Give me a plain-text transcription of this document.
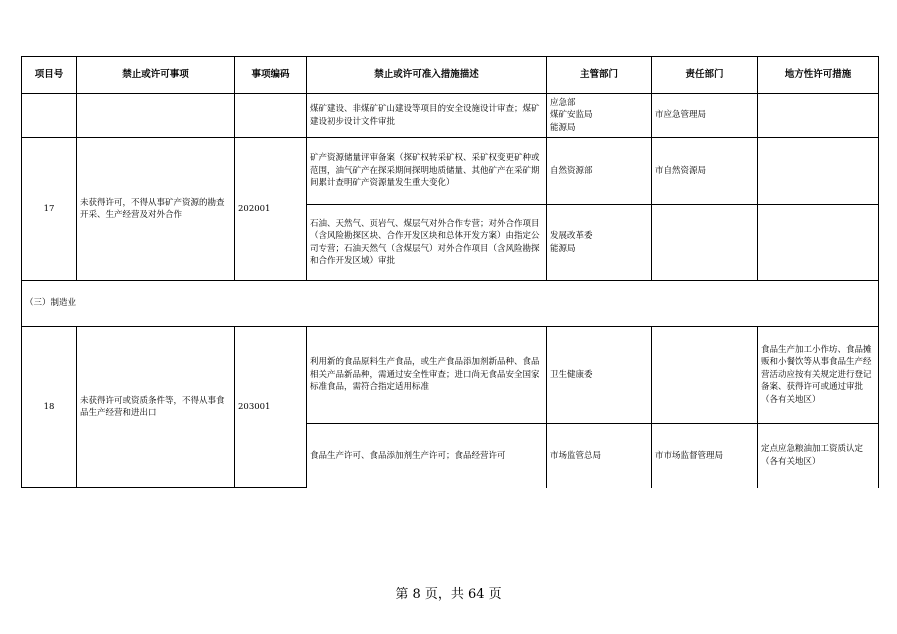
项目号	禁止或许可事项	事项编码	禁止或许可准入措施描述	主管部门	责任部门	地方性许可措施
			煤矿建设、非煤矿矿山建设等项目的安全设施设计审查；煤矿建设初步设计文件审批	应急部
煤矿安监局
能源局	市应急管理局	
17	未获得许可，不得从事矿产资源的勘查开采、生产经营及对外合作	202001	矿产资源储量评审备案（探矿权转采矿权、采矿权变更矿种或范围，油气矿产在探采期间探明地质储量、其他矿产在采矿期间累计查明矿产资源量发生重大变化）	自然资源部	市自然资源局	
			石油、天然气、页岩气、煤层气对外合作专营；对外合作项目（含风险勘探区块、合作开发区块和总体开发方案）由指定公司专营；石油天然气（含煤层气）对外合作项目（含风险勘探和合作开发区域）审批	发展改革委
能源局		
（三）制造业						
18	未获得许可或资质条件等，不得从事食品生产经营和进出口	203001	利用新的食品原料生产食品，或生产食品添加剂新品种、食品相关产品新品种，需通过安全性审查；进口尚无食品安全国家标准食品，需符合指定适用标准	卫生健康委		食品生产加工小作坊、食品摊贩和小餐饮等从事食品生产经营活动应按有关规定进行登记备案、获得许可或通过审批（各有关地区）
			食品生产许可、食品添加剂生产许可；食品经营许可	市场监管总局	市市场监督管理局	定点应急粮油加工资质认定（各有关地区）
第 8 页，共 64 页
